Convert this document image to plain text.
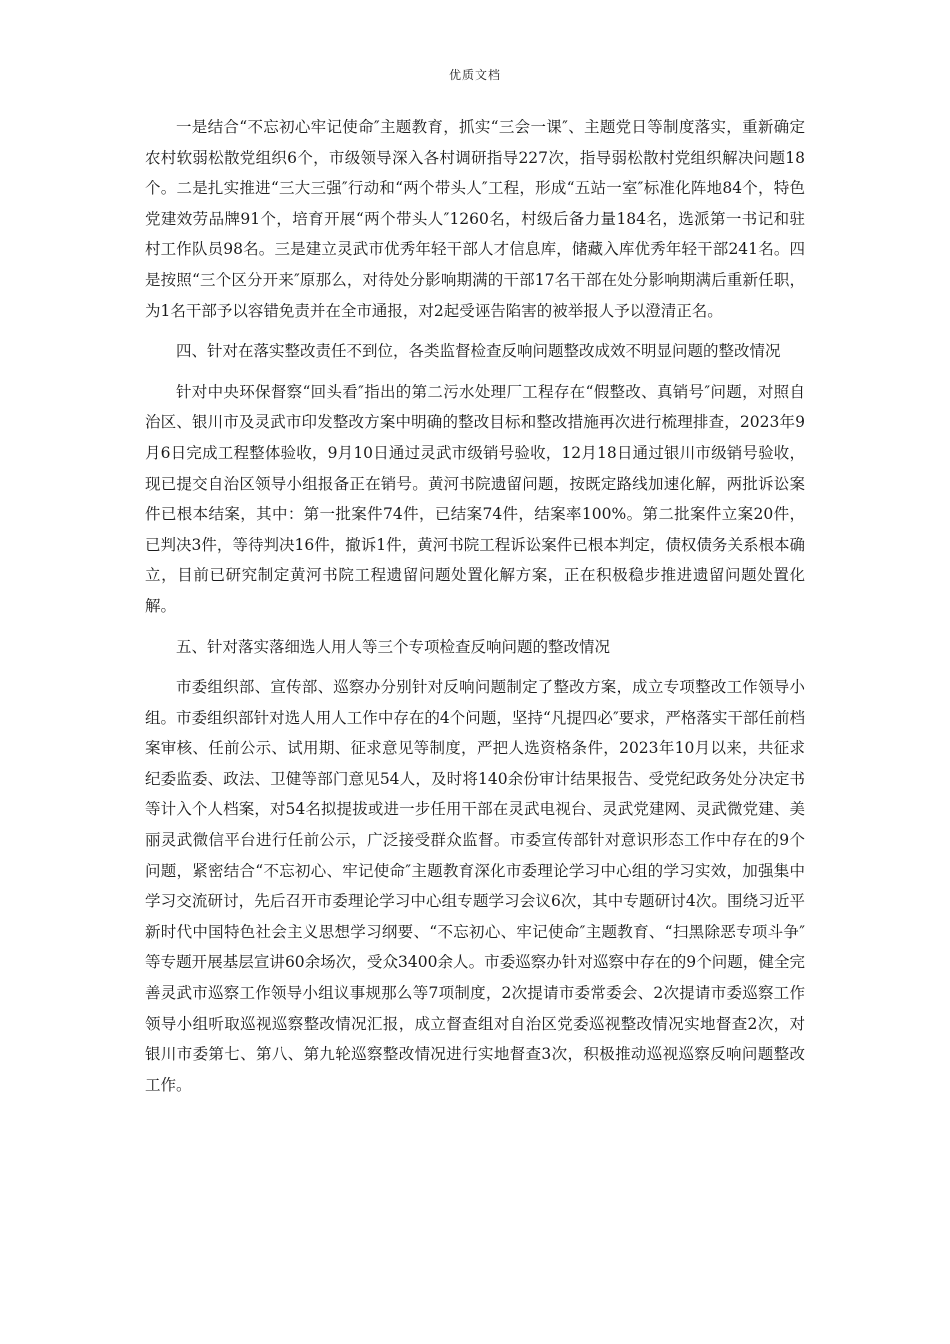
优质文档

一是结合“不忘初心牢记使命″主题教育，抓实“三会一课″、主题党日等制度落实，重新确定农村软弱松散党组织6个，市级领导深入各村调研指导227次，指导弱松散村党组织解决问题18个。二是扎实推进“三大三强″行动和“两个带头人″工程，形成“五站一室″标准化阵地84个，特色党建效劳品牌91个，培育开展“两个带头人″1260名，村级后备力量184名，选派第一书记和驻村工作队员98名。三是建立灵武市优秀年轻干部人才信息库，储藏入库优秀年轻干部241名。四是按照“三个区分开来″原那么，对待处分影响期满的干部17名干部在处分影响期满后重新任职，为1名干部予以容错免责并在全市通报，对2起受诬告陷害的被举报人予以澄清正名。

四、针对在落实整改责任不到位，各类监督检查反响问题整改成效不明显问题的整改情况

针对中央环保督察“回头看″指出的第二污水处理厂工程存在“假整改、真销号″问题，对照自治区、银川市及灵武市印发整改方案中明确的整改目标和整改措施再次进行梳理排查，2023年9月6日完成工程整体验收，9月10日通过灵武市级销号验收，12月18日通过银川市级销号验收，现已提交自治区领导小组报备正在销号。黄河书院遗留问题，按既定路线加速化解，两批诉讼案件已根本结案，其中：第一批案件74件，已结案74件，结案率100%。第二批案件立案20件，已判决3件，等待判决16件，撤诉1件，黄河书院工程诉讼案件已根本判定，债权债务关系根本确立，目前已研究制定黄河书院工程遗留问题处置化解方案，正在积极稳步推进遗留问题处置化解。

五、针对落实落细选人用人等三个专项检查反响问题的整改情况

市委组织部、宣传部、巡察办分别针对反响问题制定了整改方案，成立专项整改工作领导小组。市委组织部针对选人用人工作中存在的4个问题，坚持“凡提四必″要求，严格落实干部任前档案审核、任前公示、试用期、征求意见等制度，严把人选资格条件，2023年10月以来，共征求纪委监委、政法、卫健等部门意见54人，及时将140余份审计结果报告、受党纪政务处分决定书等计入个人档案，对54名拟提拔或进一步任用干部在灵武电视台、灵武党建网、灵武微党建、美丽灵武微信平台进行任前公示，广泛接受群众监督。市委宣传部针对意识形态工作中存在的9个问题，紧密结合“不忘初心、牢记使命″主题教育深化市委理论学习中心组的学习实效，加强集中学习交流研讨，先后召开市委理论学习中心组专题学习会议6次，其中专题研讨4次。围绕习近平新时代中国特色社会主义思想学习纲要、“不忘初心、牢记使命″主题教育、“扫黑除恶专项斗争″等专题开展基层宣讲60余场次，受众3400余人。市委巡察办针对巡察中存在的9个问题，健全完善灵武市巡察工作领导小组议事规那么等7项制度，2次提请市委常委会、2次提请市委巡察工作领导小组听取巡视巡察整改情况汇报，成立督查组对自治区党委巡视整改情况实地督查2次，对银川市委第七、第八、第九轮巡察整改情况进行实地督查3次，积极推动巡视巡察反响问题整改工作。
